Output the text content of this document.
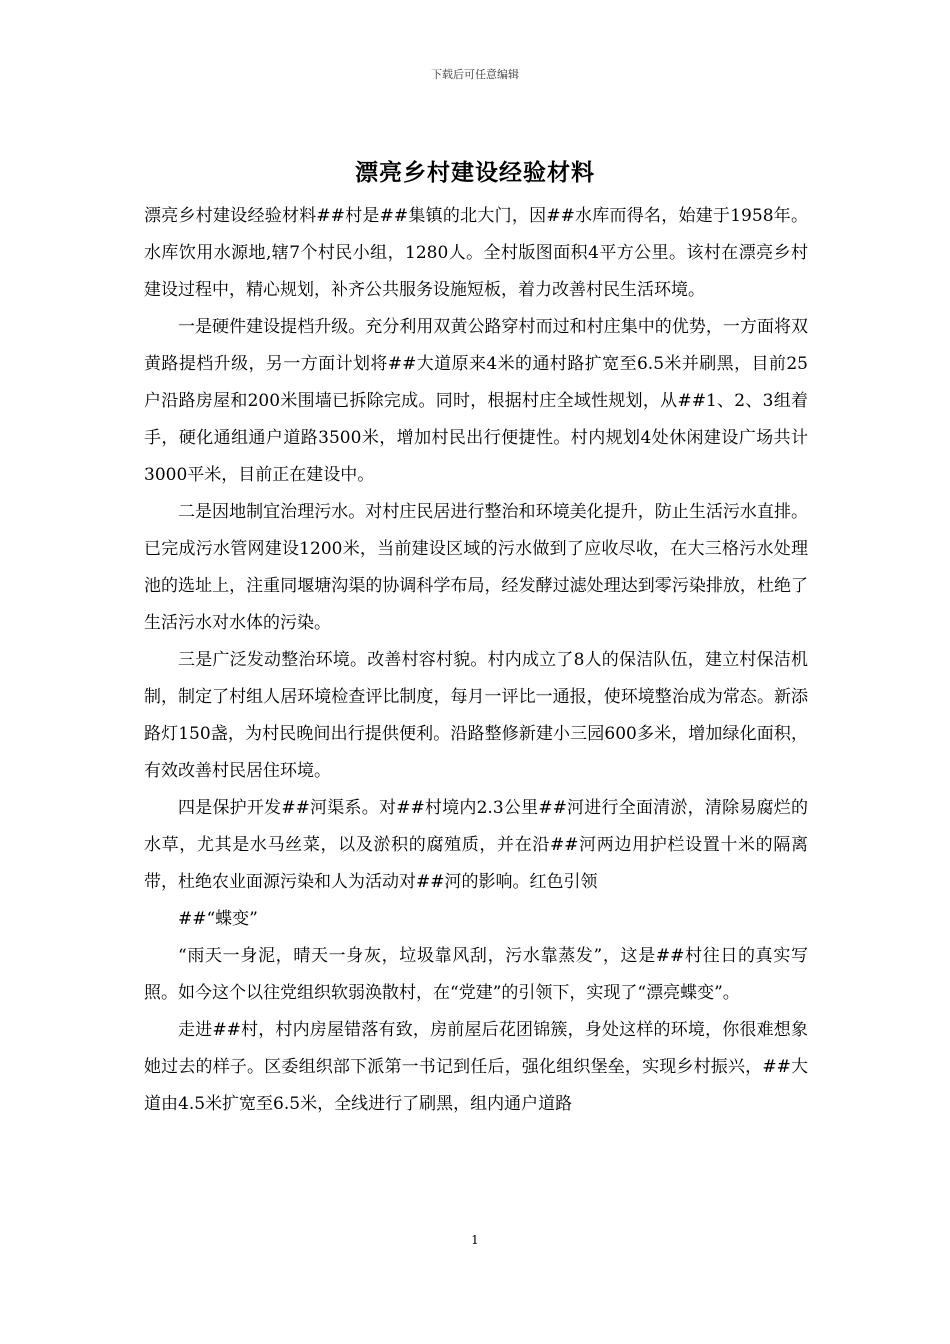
下载后可任意编辑
漂亮乡村建设经验材料

漂亮乡村建设经验材料##村是##集镇的北大门，因##水库而得名，始建于1958年。水库饮用水源地,辖7个村民小组，1280人。全村版图面积4平方公里。该村在漂亮乡村建设过程中，精心规划，补齐公共服务设施短板，着力改善村民生活环境。

一是硬件建设提档升级。充分利用双黄公路穿村而过和村庄集中的优势，一方面将双黄路提档升级，另一方面计划将##大道原来4米的通村路扩宽至6.5米并刷黑，目前25户沿路房屋和200米围墙已拆除完成。同时，根据村庄全域性规划，从##1、2、3组着手，硬化通组通户道路3500米，增加村民出行便捷性。村内规划4处休闲建设广场共计3000平米，目前正在建设中。

二是因地制宜治理污水。对村庄民居进行整治和环境美化提升，防止生活污水直排。已完成污水管网建设1200米，当前建设区域的污水做到了应收尽收，在大三格污水处理池的选址上，注重同堰塘沟渠的协调科学布局，经发酵过滤处理达到零污染排放，杜绝了生活污水对水体的污染。

三是广泛发动整治环境。改善村容村貌。村内成立了8人的保洁队伍，建立村保洁机制，制定了村组人居环境检查评比制度，每月一评比一通报，使环境整治成为常态。新添路灯150盏，为村民晚间出行提供便利。沿路整修新建小三园600多米，增加绿化面积，有效改善村民居住环境。

四是保护开发##河渠系。对##村境内2.3公里##河进行全面清淤，清除易腐烂的水草，尤其是水马丝菜，以及淤积的腐殖质，并在沿##河两边用护栏设置十米的隔离带，杜绝农业面源污染和人为活动对##河的影响。红色引领

##“蝶变”

“雨天一身泥，晴天一身灰，垃圾靠风刮，污水靠蒸发”，这是##村往日的真实写照。如今这个以往党组织软弱涣散村，在“党建”的引领下，实现了“漂亮蝶变”。

走进##村，村内房屋错落有致，房前屋后花团锦簇，身处这样的环境，你很难想象她过去的样子。区委组织部下派第一书记到任后，强化组织堡垒，实现乡村振兴，##大道由4.5米扩宽至6.5米，全线进行了刷黑，组内通户道路

1
